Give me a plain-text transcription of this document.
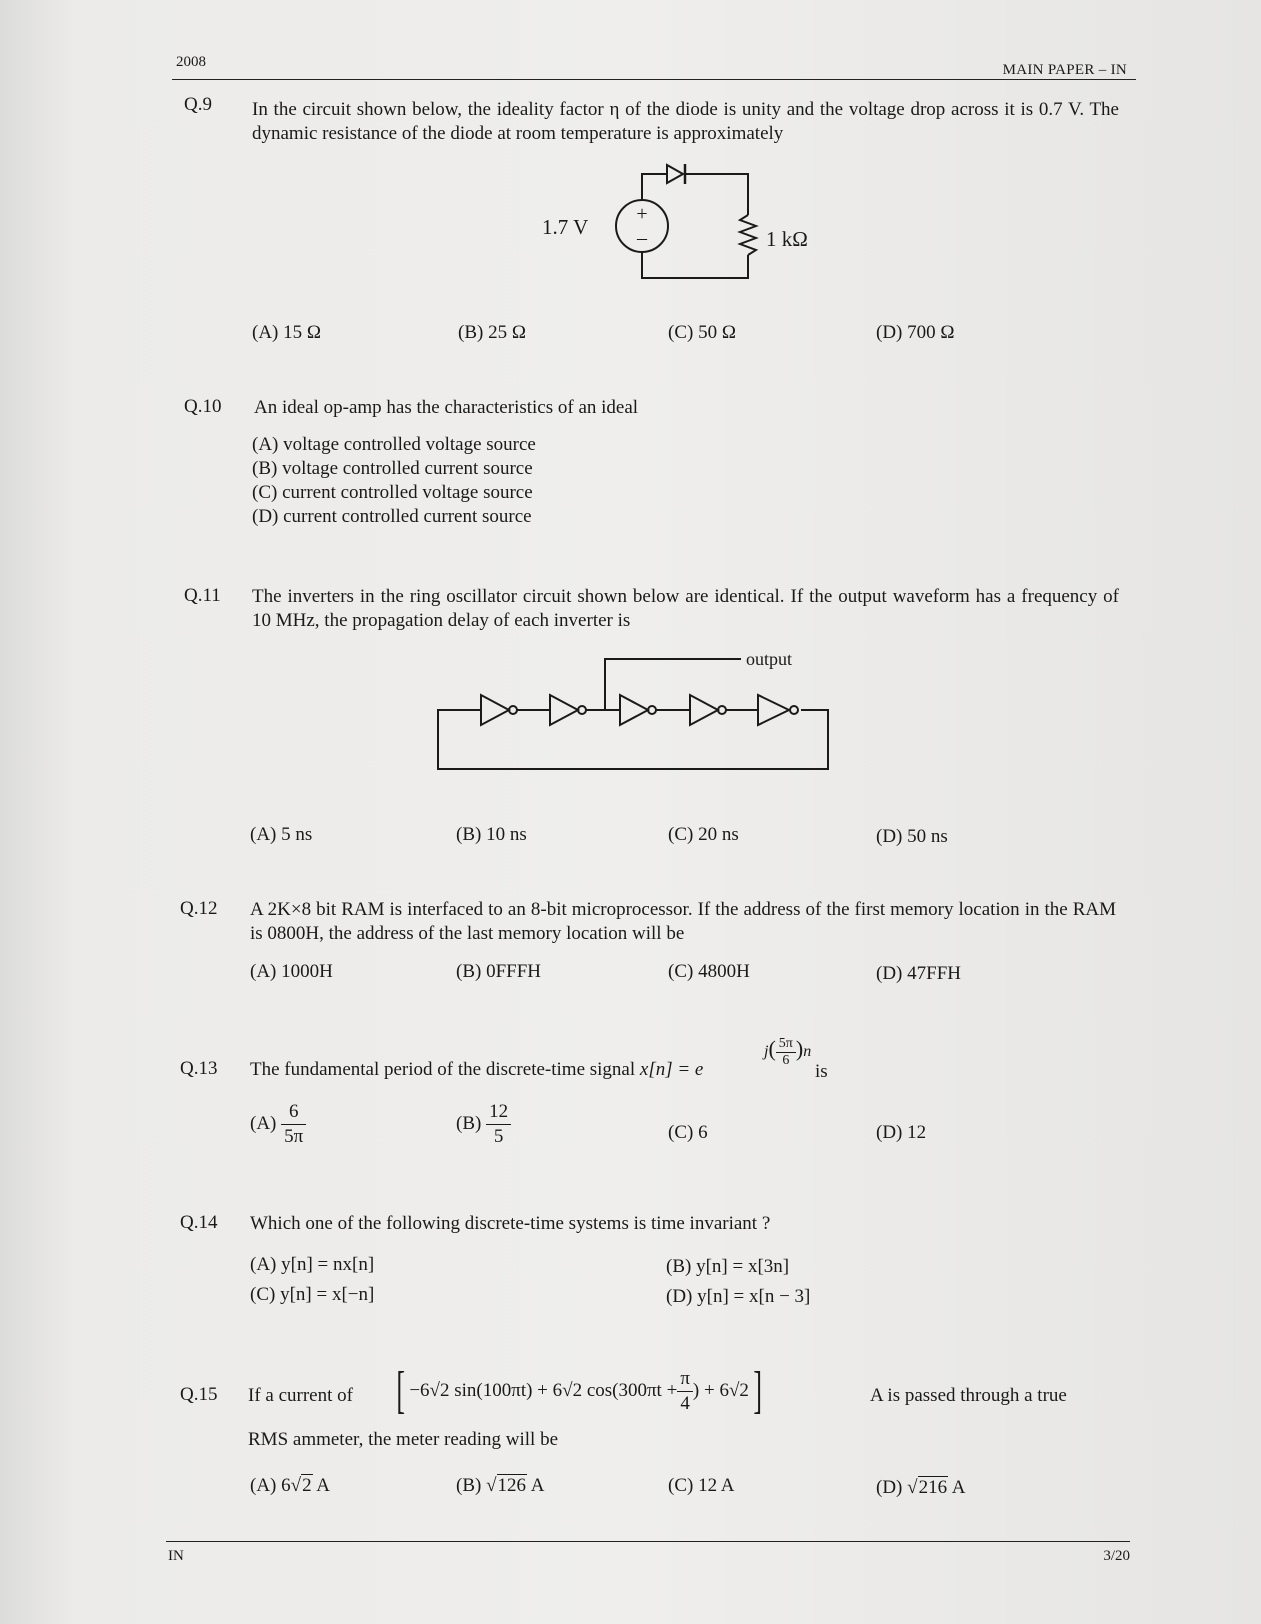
2008	MAIN PAPER – IN
Q.9 In the circuit shown below, the ideality factor η of the diode is unity and the voltage drop across it is 0.7 V. The dynamic resistance of the diode at room temperature is approximately
+
–
1.7 V	1 kΩ
(A) 15 Ω	(B) 25 Ω	(C) 50 Ω	(D) 700 Ω
Q.10 An ideal op-amp has the characteristics of an ideal
(A) voltage controlled voltage source
(B) voltage controlled current source
(C) current controlled voltage source
(D) current controlled current source
Q.11 The inverters in the ring oscillator circuit shown below are identical. If the output waveform has a frequency of 10 MHz, the propagation delay of each inverter is
output
(A) 5 ns	(B) 10 ns	(C) 20 ns	(D) 50 ns
Q.12 A 2K×8 bit RAM is interfaced to an 8-bit microprocessor. If the address of the first memory location in the RAM is 0800H, the address of the last memory location will be
(A) 1000H	(B) 0FFFH	(C) 4800H	(D) 47FFH
Q.13 The fundamental period of the discrete-time signal x[n] = e
$j( \frac{5\pi}{6} )n$
is
$(A) \frac{6}{5\pi}$	$(B) \frac{12}{5}$	(C) 6	(D) 12
Q.14 Which one of the following discrete-time systems is time invariant ?
(A) y[n] = nx[n]	(B) y[n] = x[3n]
(C) y[n] = x[−n]	(D) y[n] = x[n − 3]
Q.15 If a current of [ −6√2 sin(100πt) + 6√2 $\cos(300\pi t + \frac{\pi}{4}$ ) + 6√2]	A is passed through a true
RMS ammeter, the meter reading will be
(A) 6√2 A	(B) √126 A	(C) 12 A	(D) √216 A
IN	3/20
